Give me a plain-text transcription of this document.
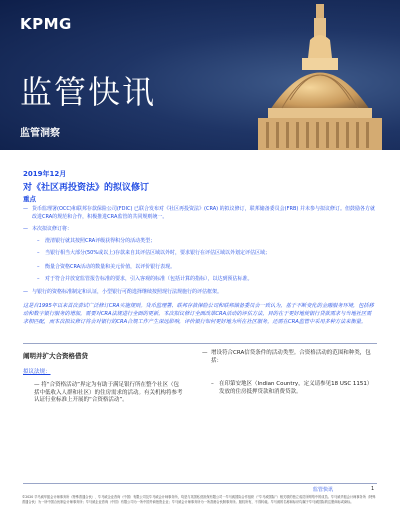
KPMG
监管快讯
监管洞察
2019年12月
对《社区再投资法》的拟议修订
重点
— 货币监理署(OCC)和联邦存款保险公司(FDIC) 已联合发布对《社区再投资法》(CRA) 的拟议修订，联邦储备委员会(FRB) 并未参与拟议修订。但鼓励各方就改进CRA的规范和合作，积极推进CRA监管的共同规则统一。
— 本次拟议修订将：
– 澄清银行就其按照CRA评级获得积分的活动类型；
– 当银行相当大部分(50%或以上)存款来自其评估区域以外时，要求银行在评估区域以外划定评估区域；
– 衡量合资格CRA活动的数量和美元价值，以评价银行表现。
– 对于符合并放宽监管报告标准的要求，引入客观的标准（包括计算的指标），以达到预估标准。
— 与银行的资格标准制定和认证，小型银行可酌选择继续按照现行法规施行的评估框架。
这是自1995年以来首次尝试广泛修订CRA实施规则。货币监理署、联邦存款保险公司和联邦储备委员会一致认为，基于不断变化的金融服务环境，包括移动和数字银行服务的增加，需要对CRA法规进行全面的更新。本次拟议修订全面改革CRA活动的评估方法，目的在于更好地使银行贷款需求与当地社区需求相匹配，而本次拟议修订将会对银行的CRA合规工作产生深远影响，评价银行如何更好地为所在社区服务，还需在CRA监管中采用多种方法来衡量。
阐明并扩大合资格借贷
拟议法规：
— 将“合资格活动”界定为有助于满足银行所在整个社区（包括中低收入人群和社区）的住房需求的活动。有关机构将参考认证行业标准上开展的“合资格活动”。
— 增设符合CRA信贷条件的活动类型。合资格活动的范围和种类，包括：
– 在印第安地区（Indian Country，定义请参见18 USC 1151）发放的住房抵押贷款和消费贷款。
监管快讯	1
©2020 毕马威华振会计师事务所（特殊普通合伙）、毕马威企业咨询（中国）有限公司及毕马威会计师事务所，均是与英国私营担保有限公司一毕马威国际合作组织（“毕马威国际”）相关联的独立成员所网络中的成员。毕马威华振会计师事务所（特殊普通合伙）为一所中国合伙制会计师事务所；毕马威企业咨询（中国）有限公司为一所中国外商独资企业；毕马威会计师事务所为一所香港合伙制事务所。版权所有，不得转载。毕马威的名称和标识均属于毕马威国际的注册商标或商标。
